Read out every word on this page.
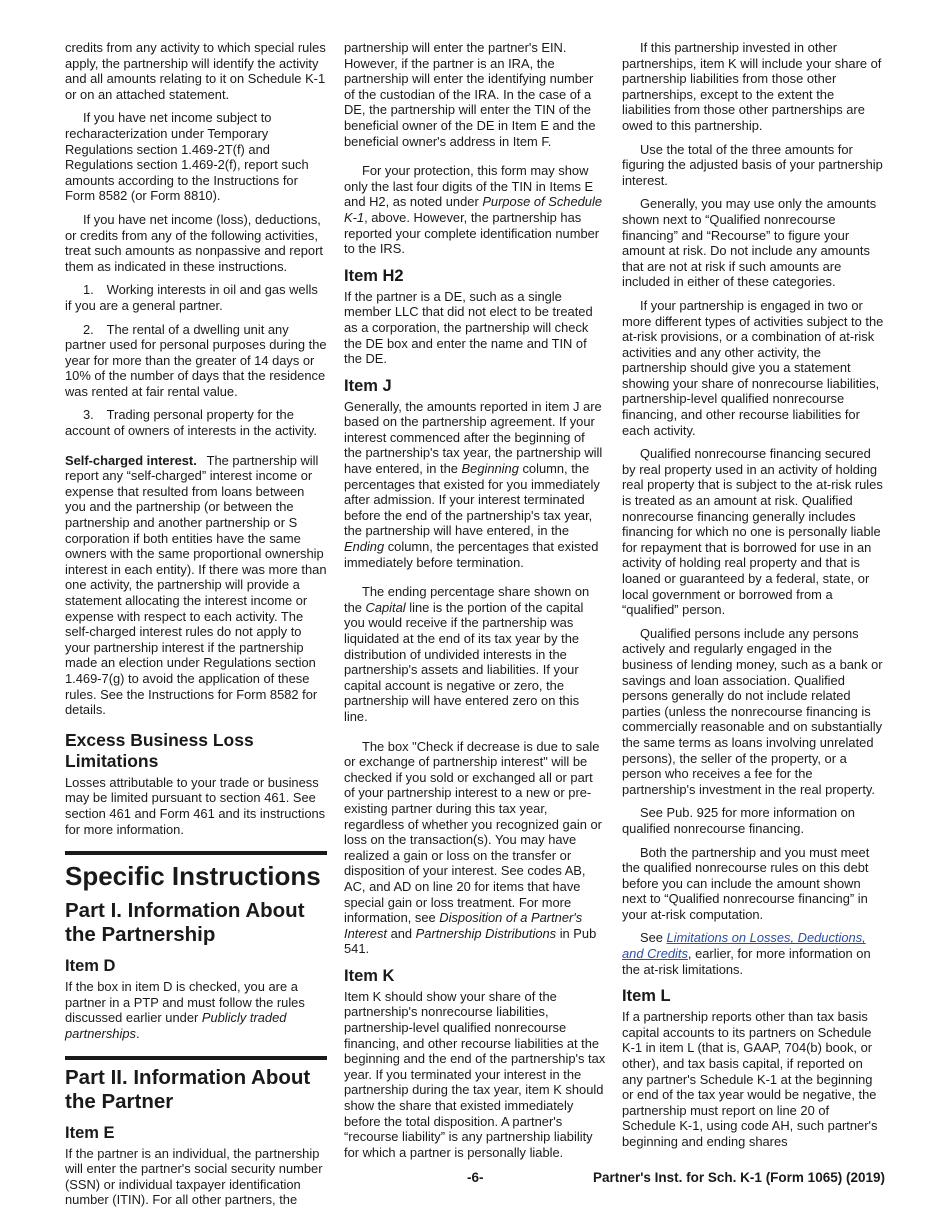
credits from any activity to which special rules apply, the partnership will identify the activity and all amounts relating to it on Schedule K-1 or on an attached statement.

If you have net income subject to recharacterization under Temporary Regulations section 1.469-2T(f) and Regulations section 1.469-2(f), report such amounts according to the Instructions for Form 8582 (or Form 8810).

If you have net income (loss), deductions, or credits from any of the following activities, treat such amounts as nonpassive and report them as indicated in these instructions.

1. Working interests in oil and gas wells if you are a general partner.

2. The rental of a dwelling unit any partner used for personal purposes during the year for more than the greater of 14 days or 10% of the number of days that the residence was rented at fair rental value.

3. Trading personal property for the account of owners of interests in the activity.

Self-charged interest.  The partnership will report any “self-charged” interest income or expense that resulted from loans between you and the partnership (or between the partnership and another partnership or S corporation if both entities have the same owners with the same proportional ownership interest in each entity). If there was more than one activity, the partnership will provide a statement allocating the interest income or expense with respect to each activity. The self-charged interest rules do not apply to your partnership interest if the partnership made an election under Regulations section 1.469-7(g) to avoid the application of these rules. See the Instructions for Form 8582 for details.

Excess Business Loss Limitations

Losses attributable to your trade or business may be limited pursuant to section 461. See section 461 and Form 461 and its instructions for more information.

Specific Instructions
Part I. Information About the Partnership
Item D

If the box in item D is checked, you are a partner in a PTP and must follow the rules discussed earlier under Publicly traded partnerships.

Part II. Information About the Partner
Item E

If the partner is an individual, the partnership will enter the partner's social security number (SSN) or individual taxpayer identification number (ITIN). For all other partners, the

partnership will enter the partner's EIN. However, if the partner is an IRA, the partnership will enter the identifying number of the custodian of the IRA. In the case of a DE, the partnership will enter the TIN of the beneficial owner of the DE in Item E and the beneficial owner's address in Item F.

For your protection, this form may show only the last four digits of the TIN in Items E and H2, as noted under Purpose of Schedule K-1, above. However, the partnership has reported your complete identification number to the IRS.

Item H2

If the partner is a DE, such as a single member LLC that did not elect to be treated as a corporation, the partnership will check the DE box and enter the name and TIN of the DE.

Item J

Generally, the amounts reported in item J are based on the partnership agreement. If your interest commenced after the beginning of the partnership's tax year, the partnership will have entered, in the Beginning column, the percentages that existed for you immediately after admission. If your interest terminated before the end of the partnership's tax year, the partnership will have entered, in the Ending column, the percentages that existed immediately before termination.

The ending percentage share shown on the Capital line is the portion of the capital you would receive if the partnership was liquidated at the end of its tax year by the distribution of undivided interests in the partnership's assets and liabilities. If your capital account is negative or zero, the partnership will have entered zero on this line.

The box "Check if decrease is due to sale or exchange of partnership interest" will be checked if you sold or exchanged all or part of your partnership interest to a new or pre-existing partner during this tax year, regardless of whether you recognized gain or loss on the transaction(s). You may have realized a gain or loss on the transfer or disposition of your interest. See codes AB, AC, and AD on line 20 for items that have special gain or loss treatment. For more information, see Disposition of a Partner's Interest and Partnership Distributions in Pub 541.

Item K

Item K should show your share of the partnership's nonrecourse liabilities, partnership-level qualified nonrecourse financing, and other recourse liabilities at the beginning and the end of the partnership's tax year. If you terminated your interest in the partnership during the tax year, item K should show the share that existed immediately before the total disposition. A partner's “recourse liability” is any partnership liability for which a partner is personally liable.

If this partnership invested in other partnerships, item K will include your share of partnership liabilities from those other partnerships, except to the extent the liabilities from those other partnerships are owed to this partnership.

Use the total of the three amounts for figuring the adjusted basis of your partnership interest.

Generally, you may use only the amounts shown next to “Qualified nonrecourse financing” and “Recourse” to figure your amount at risk. Do not include any amounts that are not at risk if such amounts are included in either of these categories.

If your partnership is engaged in two or more different types of activities subject to the at-risk provisions, or a combination of at-risk activities and any other activity, the partnership should give you a statement showing your share of nonrecourse liabilities, partnership-level qualified nonrecourse financing, and other recourse liabilities for each activity.

Qualified nonrecourse financing secured by real property used in an activity of holding real property that is subject to the at-risk rules is treated as an amount at risk. Qualified nonrecourse financing generally includes financing for which no one is personally liable for repayment that is borrowed for use in an activity of holding real property and that is loaned or guaranteed by a federal, state, or local government or borrowed from a “qualified” person.

Qualified persons include any persons actively and regularly engaged in the business of lending money, such as a bank or savings and loan association. Qualified persons generally do not include related parties (unless the nonrecourse financing is commercially reasonable and on substantially the same terms as loans involving unrelated persons), the seller of the property, or a person who receives a fee for the partnership's investment in the real property.

See Pub. 925 for more information on qualified nonrecourse financing.

Both the partnership and you must meet the qualified nonrecourse rules on this debt before you can include the amount shown next to “Qualified nonrecourse financing” in your at-risk computation.

See Limitations on Losses, Deductions, and Credits, earlier, for more information on the at-risk limitations.

Item L

If a partnership reports other than tax basis capital accounts to its partners on Schedule K-1 in item L (that is, GAAP, 704(b) book, or other), and tax basis capital, if reported on any partner's Schedule K-1 at the beginning or end of the tax year would be negative, the partnership must report on line 20 of Schedule K-1, using code AH, such partner's beginning and ending shares

-6-	Partner's Inst. for Sch. K-1 (Form 1065) (2019)
